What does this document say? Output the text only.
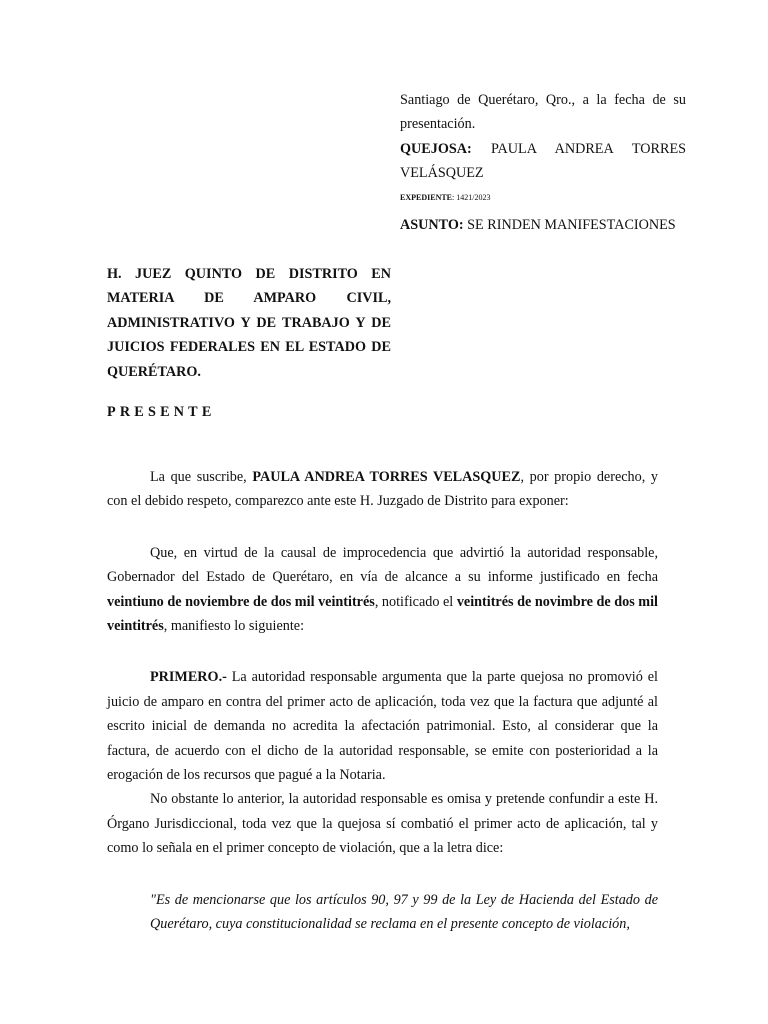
Santiago de Querétaro, Qro., a la fecha de su
presentación.
QUEJOSA: PAULA ANDREA TORRES
VELÁSQUEZ
EXPEDIENTE: 1421/2023
ASUNTO: SE RINDEN MANIFESTACIONES
H. JUEZ QUINTO DE DISTRITO EN
MATERIA DE AMPARO CIVIL,
ADMINISTRATIVO Y DE TRABAJO Y DE
JUICIOS FEDERALES EN EL ESTADO DE
QUERÉTARO.
PRESENTE

La que suscribe, PAULA ANDREA TORRES VELASQUEZ, por propio derecho, y con el debido respeto, comparezco ante este H. Juzgado de Distrito para exponer:

Que, en virtud de la causal de improcedencia que advirtió la autoridad responsable, Gobernador del Estado de Querétaro, en vía de alcance a su informe justificado en fecha veintiuno de noviembre de dos mil veintitrés, notificado el veintitrés de novimbre de dos mil veintitrés, manifiesto lo siguiente:

PRIMERO.- La autoridad responsable argumenta que la parte quejosa no promovió el juicio de amparo en contra del primer acto de aplicación, toda vez que la factura que adjunté al escrito inicial de demanda no acredita la afectación patrimonial. Esto, al considerar que la factura, de acuerdo con el dicho de la autoridad responsable, se emite con posterioridad a la erogación de los recursos que pagué a la Notaria.

No obstante lo anterior, la autoridad responsable es omisa y pretende confundir a este H. Órgano Jurisdiccional, toda vez que la quejosa sí combatió el primer acto de aplicación, tal y como lo señala en el primer concepto de violación, que a la letra dice:

"Es de mencionarse que los artículos 90, 97 y 99 de la Ley de Hacienda del Estado de Querétaro, cuya constitucionalidad se reclama en el presente concepto de violación,
